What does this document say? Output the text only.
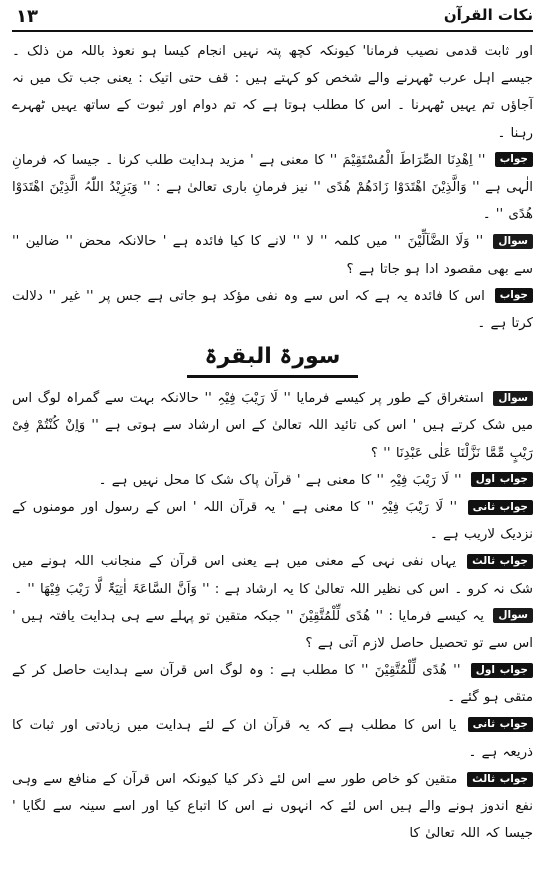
نکات القرآن
۱۳

اور ثابت قدمی نصیب فرمانا' کیونکہ کچھ پتہ نہیں انجام کیسا ہو نعوذ باللہ من ذلک ۔ جیسے اہل عرب ٹھہرنے والے شخص کو کہتے ہیں : قف حتی اتیک : یعنی جب تک میں نہ آجاؤں تم یہیں ٹھہرنا ۔ اس کا مطلب ہوتا ہے کہ تم دوام اور ثبوت کے ساتھ یہیں ٹھہرے رہنا ۔

جواب '' اِھْدِنَا الصِّرَاطَ الْمُسْتَقِیْمَ '' کا معنی ہے ' مزید ہدایت طلب کرنا ۔ جیسا کہ فرمانِ الٰہی ہے '' وَالَّذِیْنَ اھْتَدَوْا زَادَھُمْ ھُدًی '' نیز فرمانِ باری تعالیٰ ہے : '' وَیَزِیْدُ اللّٰہُ الَّذِیْنَ اھْتَدَوْا ھُدًی '' ۔

سوال '' وَلَا الضَّآلِّیْنَ '' میں کلمہ '' لا '' لانے کا کیا فائدہ ہے ' حالانکہ محض '' ضالین '' سے بھی مقصود ادا ہو جاتا ہے ؟

جواب اس کا فائدہ یہ ہے کہ اس سے وہ نفی مؤکد ہو جاتی ہے جس پر '' غیر '' دلالت کرتا ہے ۔

سورۃ البقرۃ

سوال استغراق کے طور پر کیسے فرمایا '' لَا رَیْبَ فِیْہِ '' حالانکہ بہت سے گمراہ لوگ اس میں شک کرتے ہیں ' اس کی تائید اللہ تعالیٰ کے اس ارشاد سے ہوتی ہے '' وَاِنْ کُنْتُمْ فِیْ رَیْبٍ مِّمَّا نَزَّلْنَا عَلٰی عَبْدِنَا '' ؟

جواب اول '' لَا رَیْبَ فِیْہِ '' کا معنی ہے ' قرآن پاک شک کا محل نہیں ہے ۔

جواب ثانی '' لَا رَیْبَ فِیْہِ '' کا معنی ہے ' یہ قرآن اللہ ' اس کے رسول اور مومنوں کے نزدیک لاریب ہے ۔

جواب ثالث یہاں نفی نہی کے معنی میں ہے یعنی اس قرآن کے منجانب اللہ ہونے میں شک نہ کرو ۔ اس کی نظیر اللہ تعالیٰ کا یہ ارشاد ہے : '' وَاَنَّ السَّاعَۃَ اٰتِیَۃٌ لَّا رَیْبَ فِیْھَا '' ۔

سوال یہ کیسے فرمایا : '' ھُدًی لِّلْمُتَّقِیْنَ '' جبکہ متقین تو پہلے سے ہی ہدایت یافتہ ہیں ' اس سے تو تحصیل حاصل لازم آتی ہے ؟

جواب اول '' ھُدًی لِّلْمُتَّقِیْنَ '' کا مطلب ہے : وہ لوگ اس قرآن سے ہدایت حاصل کر کے متقی ہو گئے ۔

جواب ثانی یا اس کا مطلب ہے کہ یہ قرآن ان کے لئے ہدایت میں زیادتی اور ثبات کا ذریعہ ہے ۔

جواب ثالث متقین کو خاص طور سے اس لئے ذکر کیا کیونکہ اس قرآن کے منافع سے وہی نفع اندوز ہونے والے ہیں اس لئے کہ انہوں نے اس کا اتباع کیا اور اسے سینہ سے لگایا ' جیسا کہ اللہ تعالیٰ کا
